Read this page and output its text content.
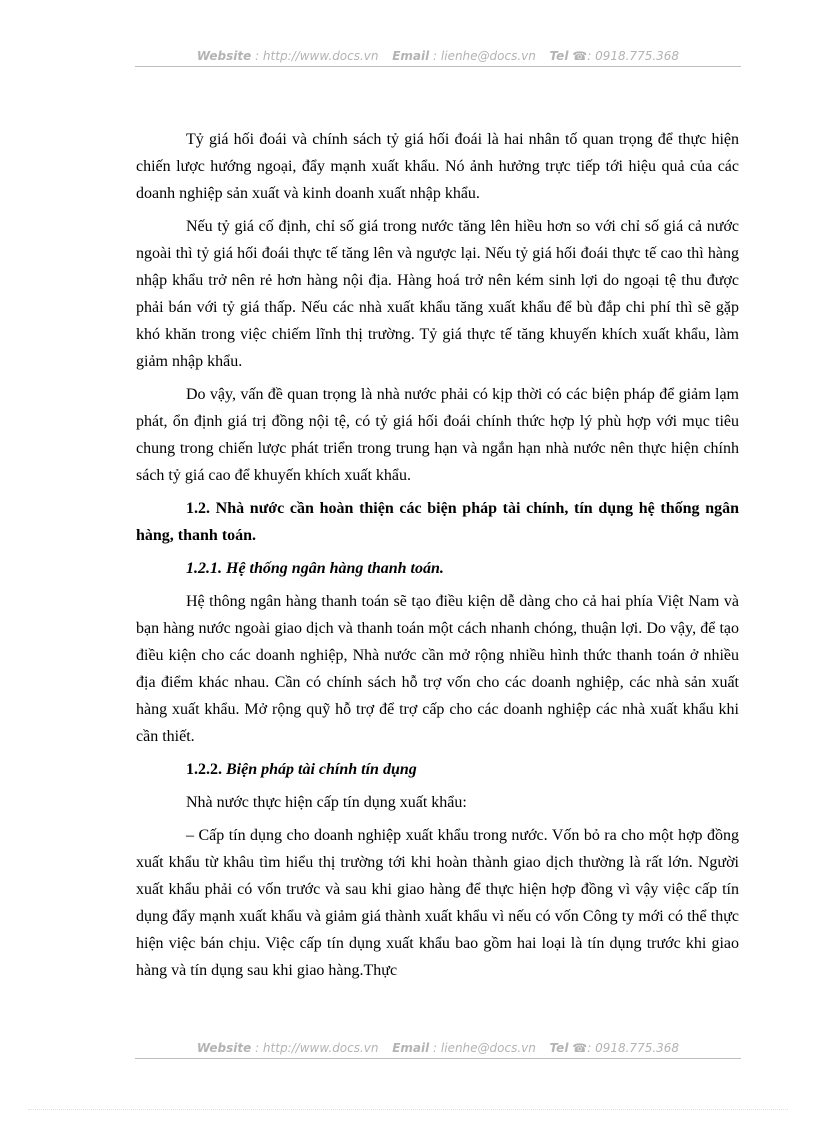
Website : http://www.docs.vn Email : lienhe@docs.vn Tel ☎: 0918.775.368

Tỷ giá hối đoái và chính sách tỷ giá hối đoái là hai nhân tố quan trọng để thực hiện chiến lược hướng ngoại, đẩy mạnh xuất khẩu. Nó ảnh hưởng trực tiếp tới hiệu quả của các doanh nghiệp sản xuất và kinh doanh xuất nhập khẩu.

Nếu tỷ giá cố định, chỉ số giá trong nước tăng lên hiều hơn so với chỉ số giá cả nước ngoài thì tỷ giá hối đoái thực tế tăng lên và ngược lại. Nếu tỷ giá hối đoái thực tế cao thì hàng nhập khẩu trở nên rẻ hơn hàng nội địa. Hàng hoá trở nên kém sinh lợi do ngoại tệ thu được phải bán với tỷ giá thấp. Nếu các nhà xuất khẩu tăng xuất khẩu để bù đắp chi phí thì sẽ gặp khó khăn trong việc chiếm lĩnh thị trường. Tỷ giá thực tế tăng khuyến khích xuất khẩu, làm giảm nhập khẩu.

Do vậy, vấn đề quan trọng là nhà nước phải có kịp thời có các biện pháp để giảm lạm phát, ổn định giá trị đồng nội tệ, có tỷ giá hối đoái chính thức hợp lý phù hợp với mục tiêu chung trong chiến lược phát triển trong trung hạn và ngắn hạn nhà nước nên thực hiện chính sách tỷ giá cao để khuyến khích xuất khẩu.

1.2. Nhà nước cần hoàn thiện các biện pháp tài chính, tín dụng hệ thống ngân hàng, thanh toán.

1.2.1. Hệ thống ngân hàng thanh toán.

Hệ thông ngân hàng thanh toán sẽ tạo điều kiện dễ dàng cho cả hai phía Việt Nam và bạn hàng nước ngoài giao dịch và thanh toán một cách nhanh chóng, thuận lợi. Do vậy, để tạo điều kiện cho các doanh nghiệp, Nhà nước cần mở rộng nhiều hình thức thanh toán ở nhiều địa điểm khác nhau. Cần có chính sách hỗ trợ vốn cho các doanh nghiệp, các nhà sản xuất hàng xuất khẩu. Mở rộng quỹ hỗ trợ để trợ cấp cho các doanh nghiệp các nhà xuất khẩu khi cần thiết.

1.2.2. Biện pháp tài chính tín dụng

Nhà nước thực hiện cấp tín dụng xuất khẩu:

– Cấp tín dụng cho doanh nghiệp xuất khẩu trong nước. Vốn bỏ ra cho một hợp đồng xuất khẩu từ khâu tìm hiểu thị trường tới khi hoàn thành giao dịch thường là rất lớn. Người xuất khẩu phải có vốn trước và sau khi giao hàng để thực hiện hợp đồng vì vậy việc cấp tín dụng đẩy mạnh xuất khẩu và giảm giá thành xuất khẩu vì nếu có vốn Công ty mới có thể thực hiện việc bán chịu. Việc cấp tín dụng xuất khẩu bao gồm hai loại là tín dụng trước khi giao hàng và tín dụng sau khi giao hàng.Thực

Website : http://www.docs.vn Email : lienhe@docs.vn Tel ☎: 0918.775.368
